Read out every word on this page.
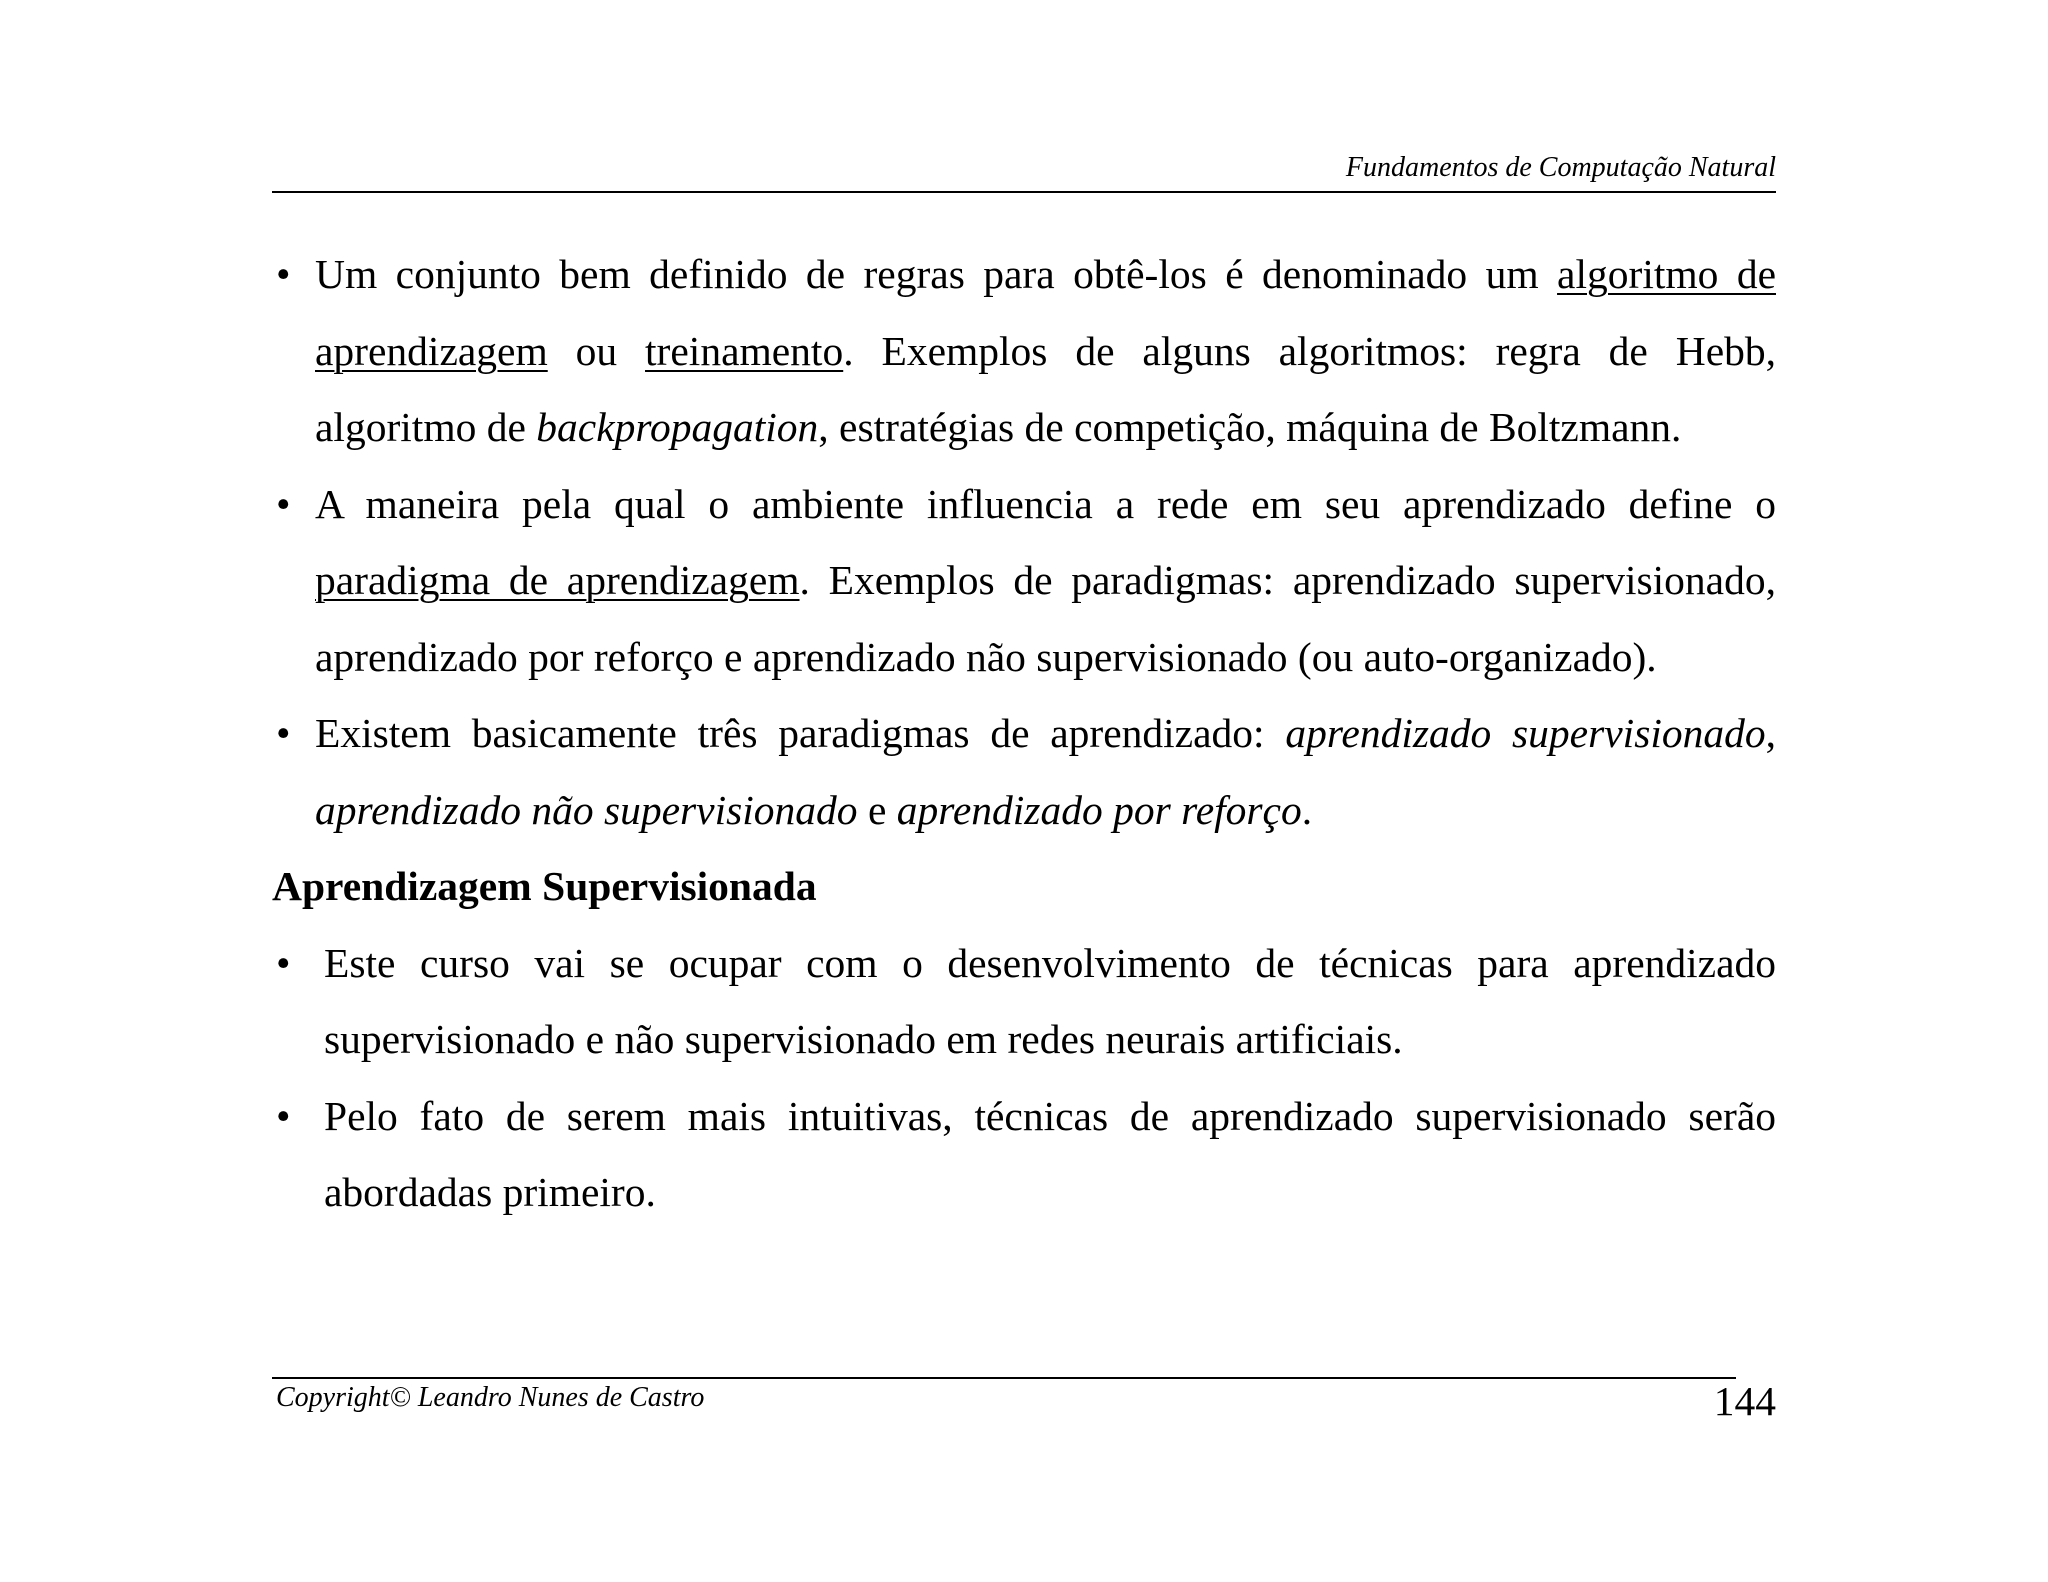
Fundamentos de Computação Natural
• Um conjunto bem definido de regras para obtê-los é denominado um algoritmo de aprendizagem ou treinamento. Exemplos de alguns algoritmos: regra de Hebb, algoritmo de backpropagation, estratégias de competição, máquina de Boltzmann.
• A maneira pela qual o ambiente influencia a rede em seu aprendizado define o paradigma de aprendizagem. Exemplos de paradigmas: aprendizado supervisionado, aprendizado por reforço e aprendizado não supervisionado (ou auto-organizado).
• Existem basicamente três paradigmas de aprendizado: aprendizado supervisionado, aprendizado não supervisionado e aprendizado por reforço.
Aprendizagem Supervisionada
• Este curso vai se ocupar com o desenvolvimento de técnicas para aprendizado supervisionado e não supervisionado em redes neurais artificiais.
• Pelo fato de serem mais intuitivas, técnicas de aprendizado supervisionado serão abordadas primeiro.
Copyright© Leandro Nunes de Castro	144
